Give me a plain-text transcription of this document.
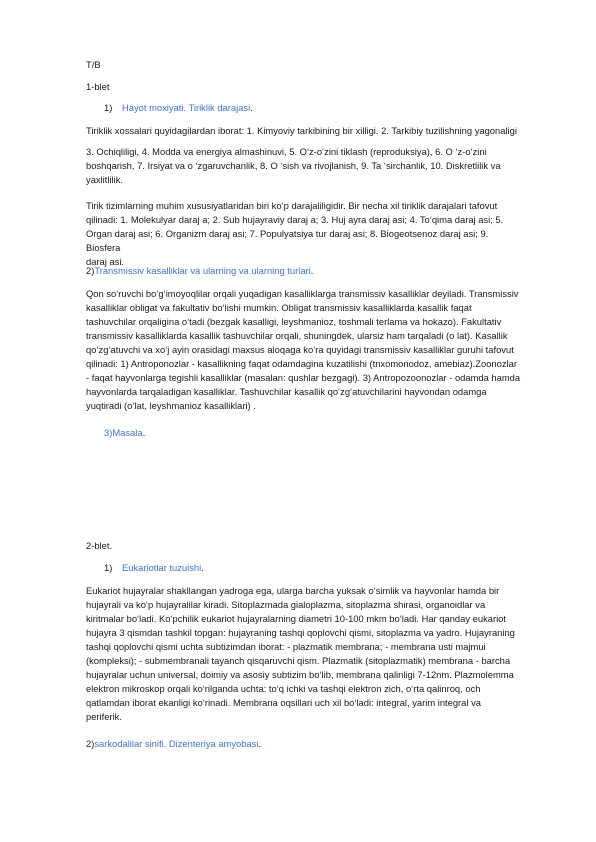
T/B

1-blet

1) Hayot moxiyati. Tiriklik darajasi.

Tiriklik xossalari quyidagilardan iborat: 1. Kimyoviy tarkibining bir xilligi. 2. Tarkibiy tuzilishning yagonaligi

3. Ochiqliligi, 4. Modda va energiya almashinuvi, 5. Oʻz-oʻzini tiklash (reproduksiya), 6. O ʻz-oʻzini

boshqarish, 7. Irsiyat va o ʻzgaruvchanlik, 8. O ʻsish va rivojlanish, 9. Ta ʻsirchanlik, 10. Diskretlilik va

yaxlitlilik.

Tirik tizimlarning muhim xususiyatlaridan biri koʻp darajaliligidir. Bir necha xil tiriklik darajalari tafovut

qilinadi: 1. Molekulyar daraj a; 2. Sub hujayraviy daraj a; 3. Huj ayra daraj asi; 4. Toʻqima daraj asi; 5.

Organ daraj asi; 6. Organizm daraj asi; 7. Populyatsiya tur daraj asi; 8. Biogeotsenoz daraj asi; 9. Biosfera

daraj asi.

2)Transmissiv kasalliklar va ularning va ularning turlari.

Qon soʻruvchi boʻgʻimoyoqlilar orqali yuqadigan kasalliklarga transmissiv kasalliklar deyiladi. Transmissiv

kasalliklar obligat va fakultativ boʻlishi mumkin. Obligat transmissiv kasalliklarda kasallik faqat

tashuvchilar orqaligina oʻtadi (bezgak kasalligi, leyshmanioz, toshmali terlama va hokazo). Fakultativ

transmissiv kasalliklarda kasallik tashuvchilar orqali, shuningdek, ularsiz ham tarqaladi (o lat). Kasallik

qoʻzgʻatuvchi va xoʻj ayin orasidagi maxsus aloqaga koʻra quyidagi transmissiv kasalliklar guruhi tafovut

qilinadi: 1) Antroponozlar - kasallikning faqat odamdagina kuzatilishi (tnxomonodoz, amebiaz).Zoonozlar

- faqat hayvonlarga tegishli kasalliklar (masalan: qushlar bezgagi). 3) Antropozoonozlar - odamda hamda

hayvonlarda tarqaladigan kasalliklar. Tashuvchilar kasallik qoʻzgʻatuvchilarini hayvondan odamga

yuqtiradi (oʻlat, leyshmanioz kasalliklari) .

3)Masala.

2-blet.

1) Eukariotlar tuzuishi.

Eukariot hujayralar shakllangan yadroga ega, ularga barcha yuksak oʻsimlik va hayvonlar hamda bir

hujayrali va koʻp hujayralilar kiradi. Sitoplazmada gialoplazma, sitoplazma shirasi, organoidlar va

kiritmalar boʻladi. Koʻpchilik eukariot hujayralarning diametri 10-100 mkm boʻladi. Har qanday eukariot

hujayra 3 qismdan tashkil topgan: hujayraning tashqi qoplovchi qismi, sitoplazma va yadro. Hujayraning

tashqi qoplovchi qismi uchta subtizimdan iborat: - plazmatik membrana; - membrana usti majmui

(kompleksi); - submembranali tayanch qisqaruvchi qism. Plazmatik (sitoplazmatik) membrana - barcha

hujayralar uchun universal, doimiy va asosiy subtizim boʻlib, membrana qalinligi 7-12nm. Plazmolemma

elektron mikroskop orqali koʻrilganda uchta: toʻq ichki va tashqi elektron zich, oʻrta qalinroq, och

qatlamdan iborat ekanligi koʻrinadi. Membrana oqsillari uch xil boʻladi: integral, yarim integral va

periferik.

2)sarkodalilar sinifi. Dizenteriya amyobasi.
